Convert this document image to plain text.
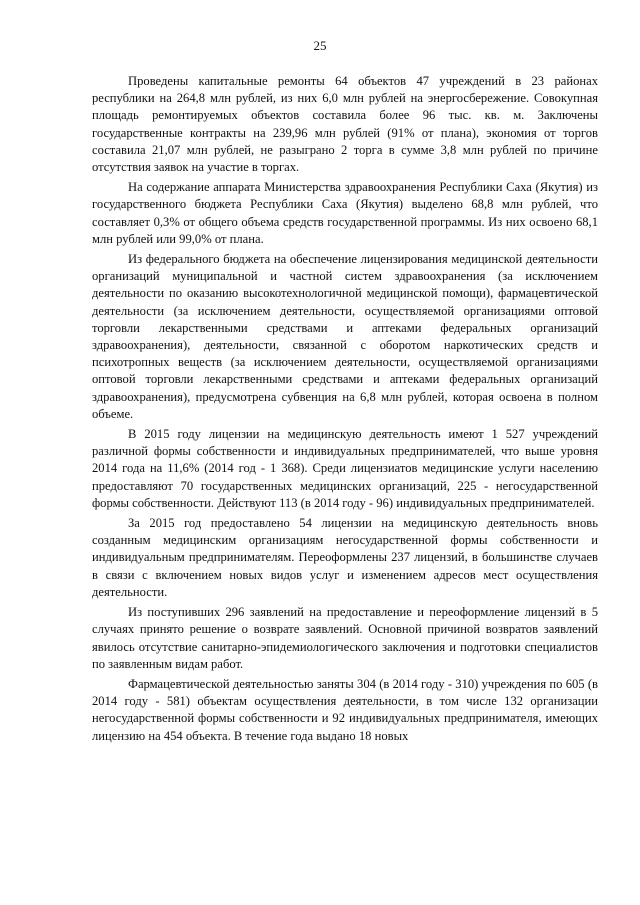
25

Проведены капитальные ремонты 64 объектов 47 учреждений в 23 районах республики на 264,8 млн рублей, из них 6,0 млн рублей на энергосбережение. Совокупная площадь ремонтируемых объектов составила более 96 тыс. кв. м. Заключены государственные контракты на 239,96 млн рублей (91% от плана), экономия от торгов составила 21,07 млн рублей, не разыграно 2 торга в сумме 3,8 млн рублей по причине отсутствия заявок на участие в торгах.

На содержание аппарата Министерства здравоохранения Республики Саха (Якутия) из государственного бюджета Республики Саха (Якутия) выделено 68,8 млн рублей, что составляет 0,3% от общего объема средств государственной программы. Из них освоено 68,1 млн рублей или 99,0% от плана.

Из федерального бюджета на обеспечение лицензирования медицинской деятельности организаций муниципальной и частной систем здравоохранения (за исключением деятельности по оказанию высокотехнологичной медицинской помощи), фармацевтической деятельности (за исключением деятельности, осуществляемой организациями оптовой торговли лекарственными средствами и аптеками федеральных организаций здравоохранения), деятельности, связанной с оборотом наркотических средств и психотропных веществ (за исключением деятельности, осуществляемой организациями оптовой торговли лекарственными средствами и аптеками федеральных организаций здравоохранения), предусмотрена субвенция на 6,8 млн рублей, которая освоена в полном объеме.

В 2015 году лицензии на медицинскую деятельность имеют 1 527 учреждений различной формы собственности и индивидуальных предпринимателей, что выше уровня 2014 года на 11,6% (2014 год - 1 368). Среди лицензиатов медицинские услуги населению предоставляют 70 государственных медицинских организаций, 225 - негосударственной формы собственности. Действуют 113 (в 2014 году - 96) индивидуальных предпринимателей.

За 2015 год предоставлено 54 лицензии на медицинскую деятельность вновь созданным медицинским организациям негосударственной формы собственности и индивидуальным предпринимателям. Переоформлены 237 лицензий, в большинстве случаев в связи с включением новых видов услуг и изменением адресов мест осуществления деятельности.

Из поступивших 296 заявлений на предоставление и переоформление лицензий в 5 случаях принято решение о возврате заявлений. Основной причиной возвратов заявлений явилось отсутствие санитарно-эпидемиологического заключения и подготовки специалистов по заявленным видам работ.

Фармацевтической деятельностью заняты 304 (в 2014 году - 310) учреждения по 605 (в 2014 году - 581) объектам осуществления деятельности, в том числе 132 организации негосударственной формы собственности и 92 индивидуальных предпринимателя, имеющих лицензию на 454 объекта. В течение года выдано 18 новых
